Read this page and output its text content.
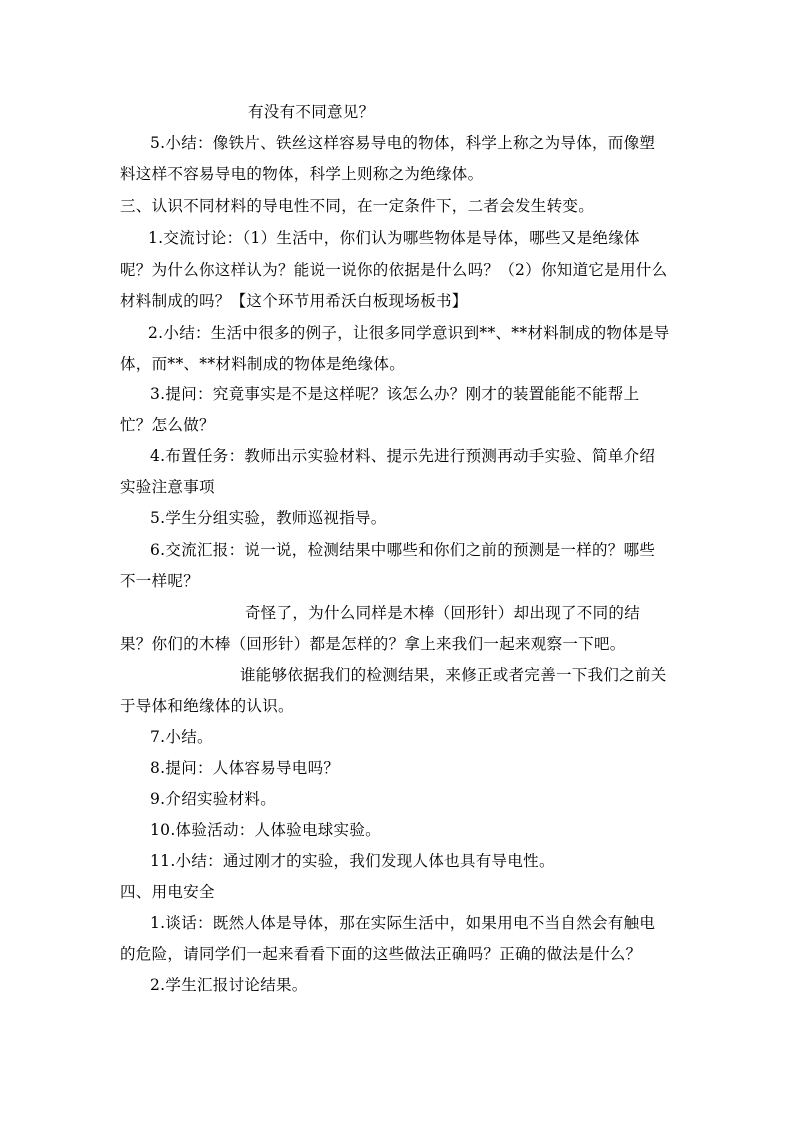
有没有不同意见？
5.小结：像铁片、铁丝这样容易导电的物体，科学上称之为导体，而像塑
料这样不容易导电的物体，科学上则称之为绝缘体。
三、认识不同材料的导电性不同，在一定条件下，二者会发生转变。
1.交流讨论：（1）生活中，你们认为哪些物体是导体，哪些又是绝缘体
呢？为什么你这样认为？能说一说你的依据是什么吗？（2）你知道它是用什么
材料制成的吗？【这个环节用希沃白板现场板书】
2.小结：生活中很多的例子，让很多同学意识到**、**材料制成的物体是导
体，而**、**材料制成的物体是绝缘体。
3.提问：究竟事实是不是这样呢？该怎么办？刚才的装置能能不能帮上
忙？怎么做？
4.布置任务：教师出示实验材料、提示先进行预测再动手实验、简单介绍
实验注意事项
5.学生分组实验，教师巡视指导。
6.交流汇报：说一说，检测结果中哪些和你们之前的预测是一样的？哪些
不一样呢？
奇怪了，为什么同样是木棒（回形针）却出现了不同的结
果？你们的木棒（回形针）都是怎样的？拿上来我们一起来观察一下吧。
谁能够依据我们的检测结果，来修正或者完善一下我们之前关
于导体和绝缘体的认识。
7.小结。
8.提问：人体容易导电吗？
9.介绍实验材料。
10.体验活动：人体验电球实验。
11.小结：通过刚才的实验，我们发现人体也具有导电性。
四、用电安全
1.谈话：既然人体是导体，那在实际生活中，如果用电不当自然会有触电
的危险，请同学们一起来看看下面的这些做法正确吗？正确的做法是什么？
2.学生汇报讨论结果。
